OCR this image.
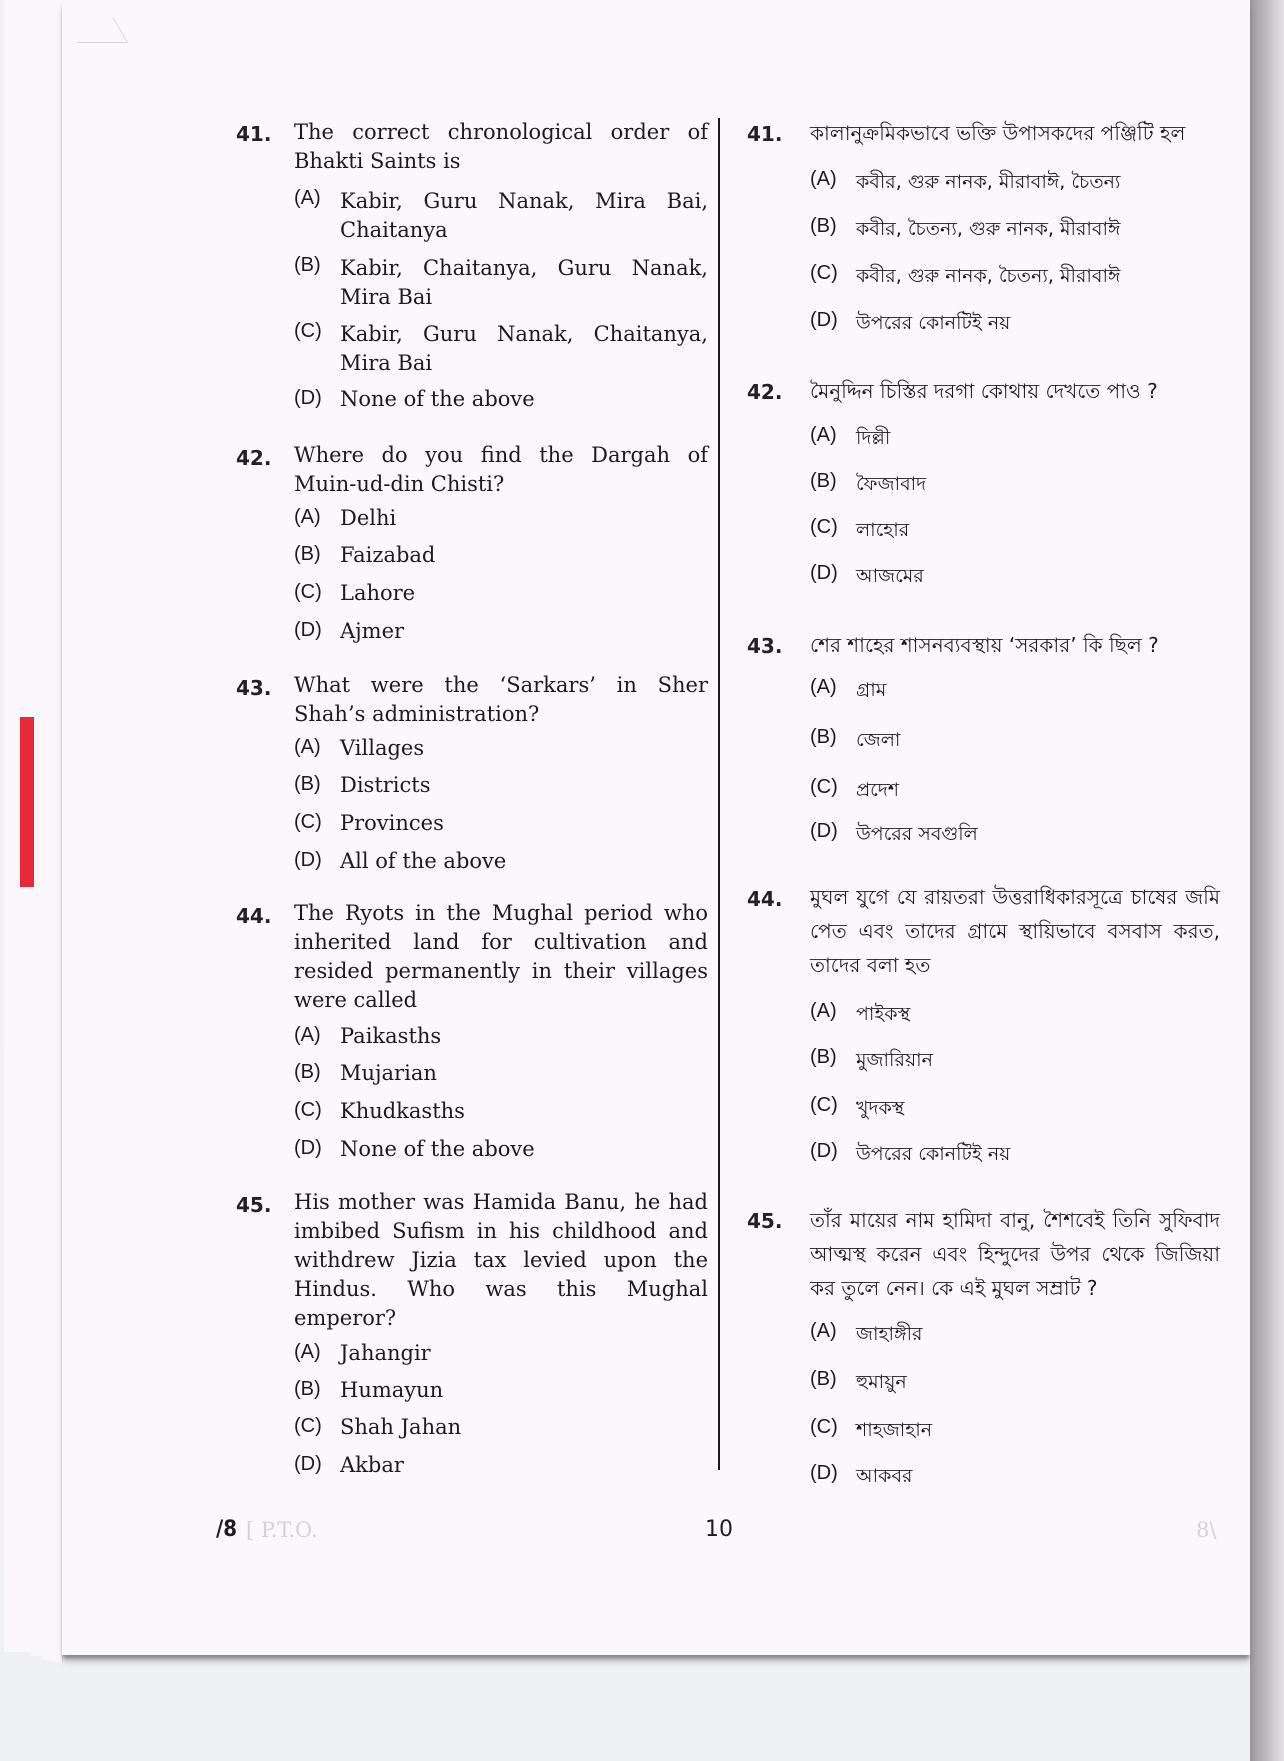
41. The correct chronological order of Bhakti Saints is
(A) Kabir, Guru Nanak, Mira Bai, Chaitanya
(B) Kabir, Chaitanya, Guru Nanak, Mira Bai
(C) Kabir, Guru Nanak, Chaitanya, Mira Bai
(D) None of the above
42. Where do you find the Dargah of Muin-ud-din Chisti?
(A) Delhi
(B) Faizabad
(C) Lahore
(D) Ajmer
43. What were the ‘Sarkars’ in Sher Shah’s administration?
(A) Villages
(B) Districts
(C) Provinces
(D) All of the above
44. The Ryots in the Mughal period who inherited land for cultivation and resided permanently in their villages were called
(A) Paikasths
(B) Mujarian
(C) Khudkasths
(D) None of the above
45. His mother was Hamida Banu, he had imbibed Sufism in his childhood and withdrew Jizia tax levied upon the Hindus. Who was this Mughal emperor?
(A) Jahangir
(B) Humayun
(C) Shah Jahan
(D) Akbar
41. কালানুক্রমিকভাবে ভক্তি উপাসকদের পঞ্জিটি হল
(A) কবীর, গুরু নানক, মীরাবাঈ, চৈতন্য
(B) কবীর, চৈতন্য, গুরু নানক, মীরাবাঈ
(C) কবীর, গুরু নানক, চৈতন্য, মীরাবাঈ
(D) উপরের কোনটিই নয়
42. মৈনুদ্দিন চিস্তির দরগা কোথায় দেখতে পাও ?
(A) দিল্লী
(B) ফৈজাবাদ
(C) লাহোর
(D) আজমের
43. শের শাহের শাসনব্যবস্থায় ‘সরকার’ কি ছিল ?
(A) গ্রাম
(B) জেলা
(C) প্রদেশ
(D) উপরের সবগুলি
44. মুঘল যুগে যে রায়তরা উত্তরাধিকারসূত্রে চাষের জমি পেত এবং তাদের গ্রামে স্থায়িভাবে বসবাস করত, তাদের বলা হত
(A) পাইকস্থ
(B) মুজারিয়ান
(C) খুদকস্থ
(D) উপরের কোনটিই নয়
45. তাঁর মায়ের নাম হামিদা বানু, শৈশবেই তিনি সুফিবাদ আত্মস্থ করেন এবং হিন্দুদের উপর থেকে জিজিয়া কর তুলে নেন। কে এই মুঘল সম্রাট ?
(A) জাহাঙ্গীর
(B) হুমায়ুন
(C) শাহজাহান
(D) আকবর
/8 [ P.T.O.	10	/8
